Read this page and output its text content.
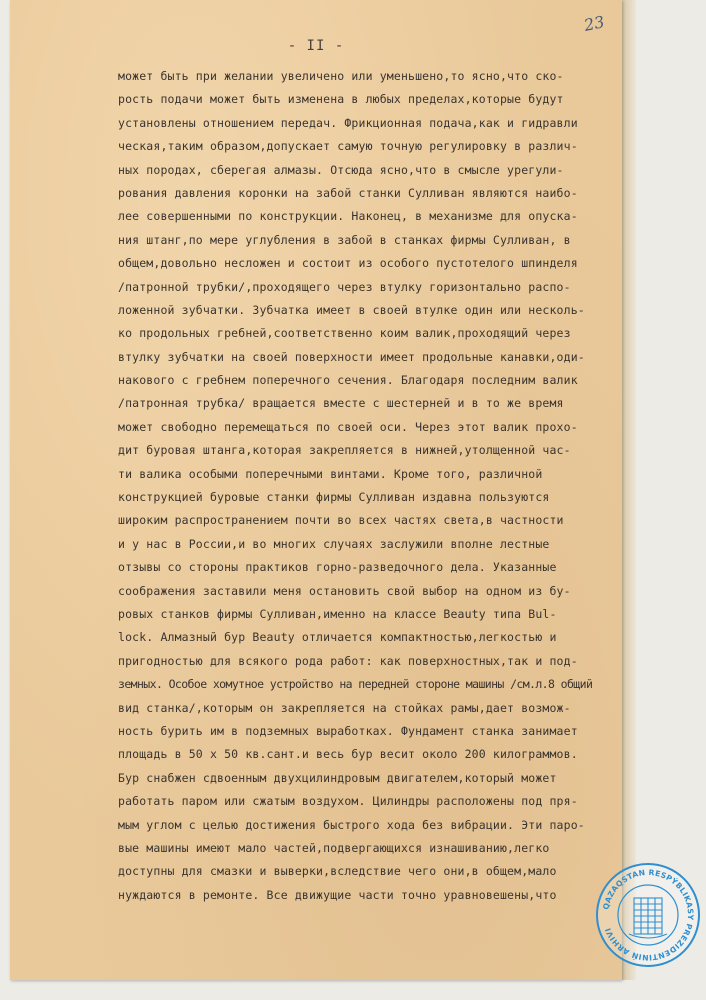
23
- II -
может быть при желании увеличено или уменьшено,то ясно,что ско-
рость подачи может быть изменена в любых пределах,которые будут
установлены отношением передач. Фрикционная подача,как и гидравли
ческая,таким образом,допускает самую точную регулировку в различ-
ных породах, сберегая алмазы. Отсюда ясно,что в смысле урегули-
рования давления коронки на забой станки Сулливан являются наибо-
лее совершенными по конструкции. Наконец, в механизме для опуска-
ния штанг,по мере углубления в забой в станках фирмы Сулливан, в
общем,довольно несложен и состоит из особого пустотелого шпинделя
/патронной трубки/,проходящего через втулку горизонтально распо-
ложенной зубчатки. Зубчатка имеет в своей втулке один или несколь-
ко продольных гребней,соответственно коим валик,проходящий через
втулку зубчатки на своей поверхности имеет продольные канавки,оди-
накового с гребнем поперечного сечения. Благодаря последним валик
/патронная трубка/ вращается вместе с шестерней и в то же время
может свободно перемещаться по своей оси. Через этот валик прохо-
дит буровая штанга,которая закрепляется в нижней,утолщенной час-
ти валика особыми поперечными винтами. Кроме того, различной
конструкцией буровые станки фирмы Сулливан издавна пользуются
широким распространением почти во всех частях света,в частности
и у нас в России,и во многих случаях заслужили вполне лестные
отзывы со стороны практиков горно-разведочного дела. Указанные
соображения заставили меня остановить свой выбор на одном из бу-
ровых станков фирмы Сулливан,именно на классе Beauty типа Bul-
lock. Алмазный бур Beauty отличается компактностью,легкостью и
пригодностью для всякого рода работ: как поверхностных,так и под-
земных. Особое хомутное устройство на передней стороне машины /см.л.8 общий
вид станка/,которым он закрепляется на стойках рамы,дает возмож-
ность бурить им в подземных выработках. Фундамент станка занимает
площадь в 50 х 50 кв.сант.и весь бур весит около 200 килограммов.
Бур снабжен сдвоенным двухцилиндровым двигателем,который может
работать паром или сжатым воздухом. Цилиндры расположены под пря-
мым углом с целью достижения быстрого хода без вибрации. Эти паро-
вые машины имеют мало частей,подвергающихся изнашиванию,легко
доступны для смазки и выверки,вследствие чего они,в общем,мало
нуждаются в ремонте. Все движущие части точно уравновешены,что
QAZAQSTAN RESPÝBLIKASY PREZIDENTINIŃ ARHIVI
